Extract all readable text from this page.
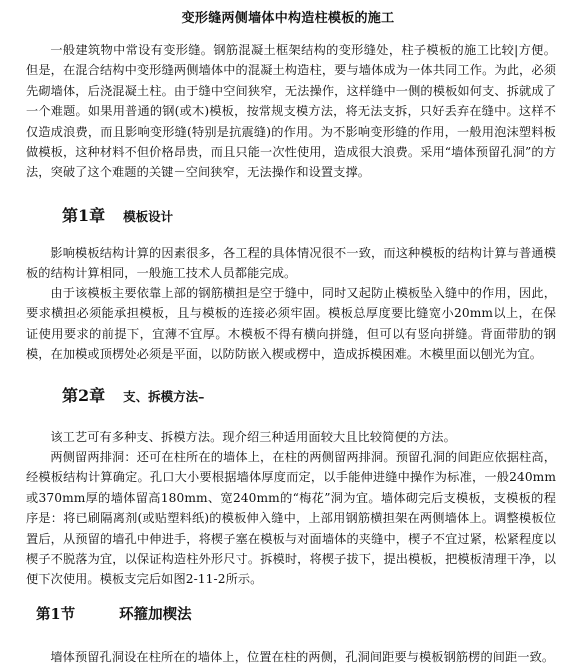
变形缝两侧墙体中构造柱模板的施工
一般建筑物中常设有变形缝。钢筋混凝土框架结构的变形缝处，柱子模板的施工比较|方便。但是，在混合结构中变形缝两侧墙体中的混凝土构造柱，要与墙体成为一体共同工作。为此，必须先砌墙体，后浇混凝土柱。由于缝中空间狭窄，无法操作，这样缝中一侧的模板如何支、拆就成了一个难题。如果用普通的钢(或木)模板，按常规支模方法，将无法支拆，只好丢弃在缝中。这样不仅造成浪费，而且影响变形缝(特别是抗震缝)的作用。为不影响变形缝的作用，一般用泡沫塑料板做模板，这种材料不但价格昂贵，而且只能一次性使用，造成很大浪费。采用“墙体预留孔洞”的方法，突破了这个难题的关键－空间狭窄，无法操作和设置支撑。
第1章 模板设计
影响模板结构计算的因素很多，各工程的具体情况很不一致，而这种模板的结构计算与普通模板的结构计算相同，一般施工技术人员都能完成。
由于该模板主要依靠上部的钢筋横担是空于缝中，同时又起防止模板坠入缝中的作用，因此，要求横担必须能承担模板，且与模板的连接必须牢固。模板总厚度要比缝宽小20mm以上，在保证使用要求的前提下，宜薄不宜厚。木模板不得有横向拼缝，但可以有竖向拼缝。背面带肋的钢模，在加模或顶楞处必须是平面，以防防嵌入楔或楞中，造成拆模困难。木模里面以刨光为宜。
第2章 支、拆模方法–
该工艺可有多种支、拆模方法。现介绍三种适用面较大且比较简便的方法。
两侧留两排洞：还可在柱所在的墙体上，在柱的两侧留两排洞。预留孔洞的间距应依据柱高，经模板结构计算确定。孔口大小要根据墙体厚度而定，以手能伸进缝中操作为标准，一般240mm或370mm厚的墙体留高180mm、宽240mm的“梅花”洞为宜。墙体砌完后支模板，支模板的程序是：将已刷隔离剂(或贴塑料纸)的模板伸入缝中，上部用钢筋横担架在两侧墙体上。调整模板位置后，从预留的墙孔中伸进手，将楔子塞在模板与对面墙体的夹缝中，楔子不宜过紧，松紧程度以楔子不脱落为宜，以保证构造柱外形尺寸。拆模时，将楔子拔下，提出模板，把模板清理干净，以便下次使用。模板支完后如图2-11-2所示。
第1节	环箍加楔法
墙体预留孔洞设在柱所在的墙体上，位置在柱的两侧，孔洞间距要与模板钢筋楞的间距一致。
